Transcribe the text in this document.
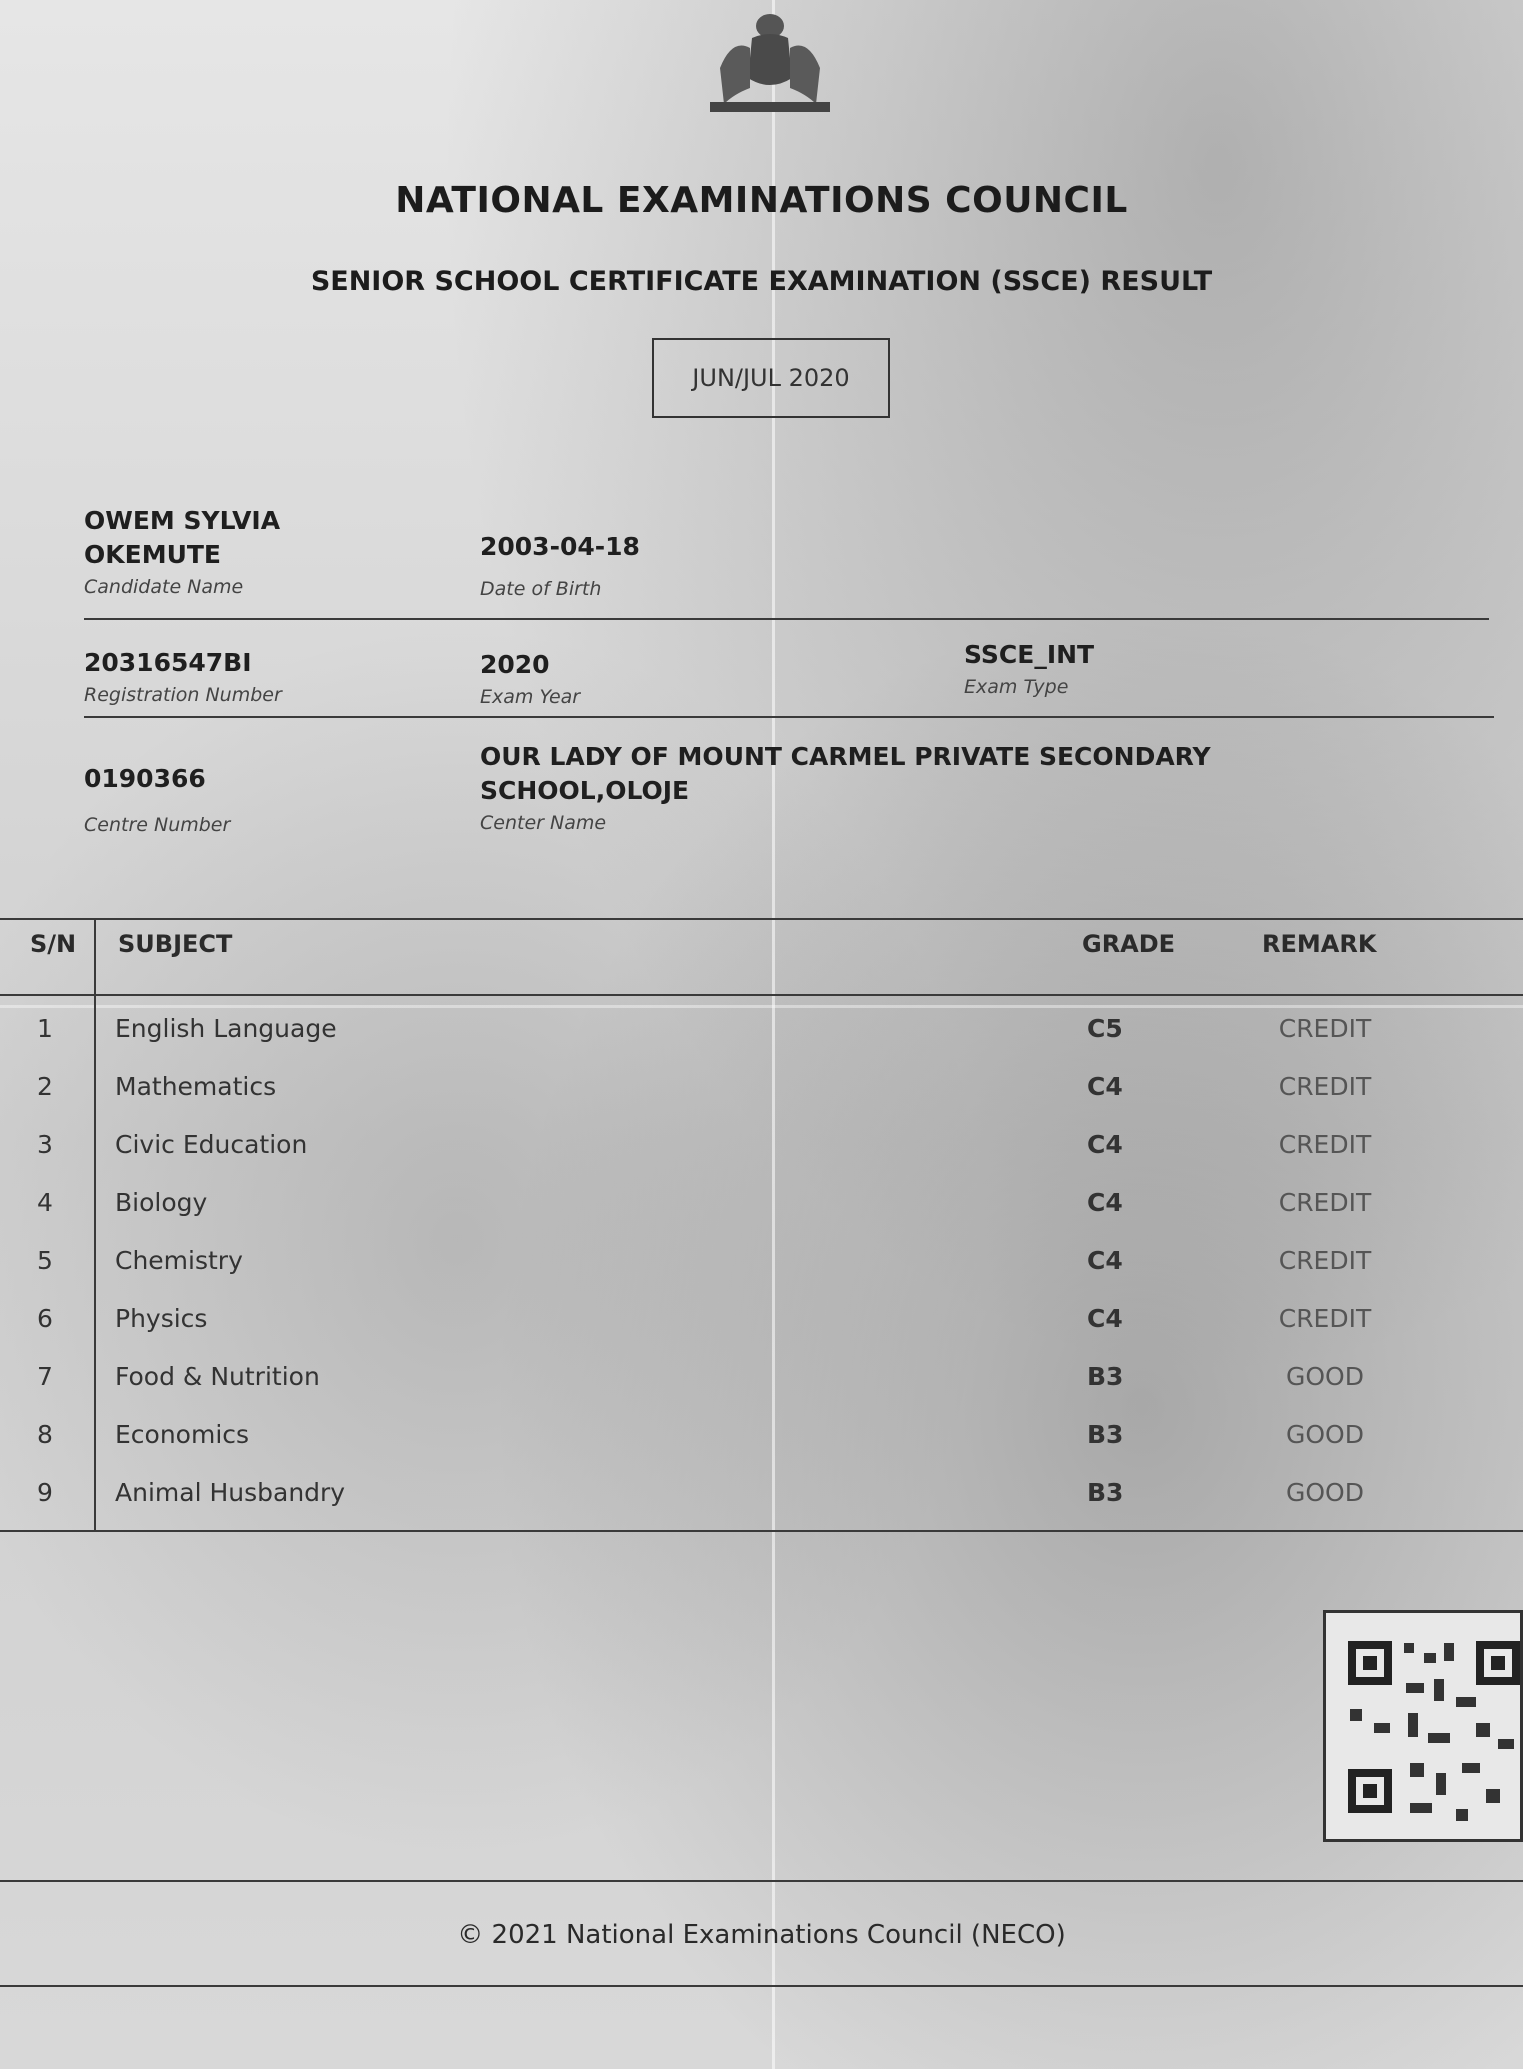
NATIONAL EXAMINATIONS COUNCIL
SENIOR SCHOOL CERTIFICATE EXAMINATION (SSCE) RESULT
JUN/JUL 2020
OWEM SYLVIA
OKEMUTE
Candidate Name
2003-04-18
Date of Birth
20316547BI
Registration Number
2020
Exam Year
SSCE_INT
Exam Type
0190366
Centre Number
OUR LADY OF MOUNT CARMEL PRIVATE SECONDARY
SCHOOL,OLOJE
Center Name
S/N SUBJECT	GRADE	REMARK
1 English Language	C5	CREDIT
2 Mathematics	C4	CREDIT
3 Civic Education	C4	CREDIT
4 Biology	C4	CREDIT
5 Chemistry	C4	CREDIT
6 Physics	C4	CREDIT
7 Food & Nutrition	B3	GOOD
8 Economics	B3	GOOD
9 Animal Husbandry	B3	GOOD
© 2021 National Examinations Council (NECO)
